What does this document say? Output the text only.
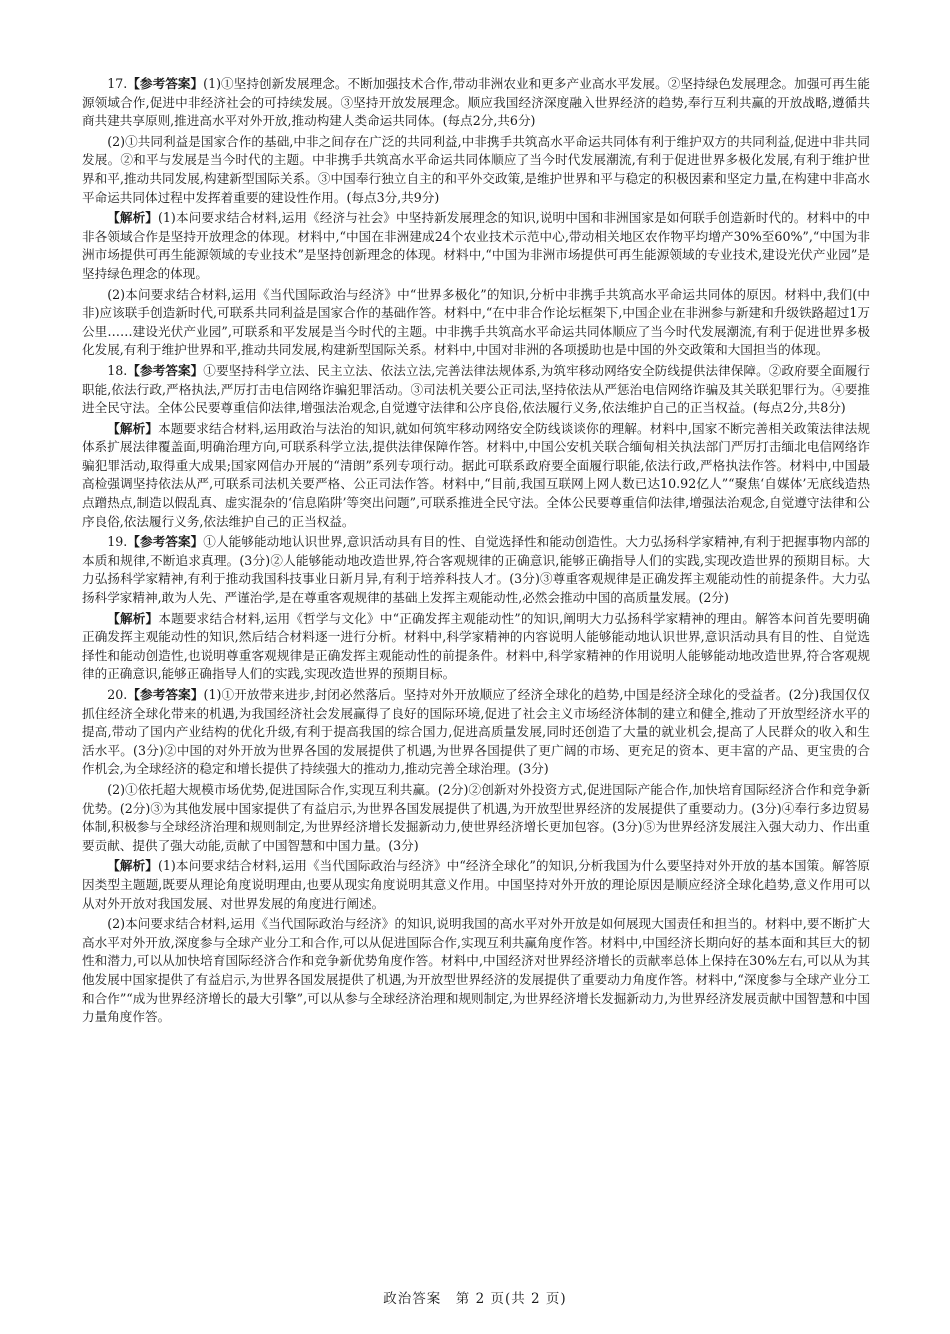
17.【参考答案】(1)①坚持创新发展理念。不断加强技术合作,带动非洲农业和更多产业高水平发展。②坚持绿色发展理念。加强可再生能源领域合作,促进中非经济社会的可持续发展。③坚持开放发展理念。顺应我国经济深度融入世界经济的趋势,奉行互利共赢的开放战略,遵循共商共建共享原则,推进高水平对外开放,推动构建人类命运共同体。(每点2分,共6分)

(2)①共同利益是国家合作的基础,中非之间存在广泛的共同利益,中非携手共筑高水平命运共同体有利于维护双方的共同利益,促进中非共同发展。②和平与发展是当今时代的主题。中非携手共筑高水平命运共同体顺应了当今时代发展潮流,有利于促进世界多极化发展,有利于维护世界和平,推动共同发展,构建新型国际关系。③中国奉行独立自主的和平外交政策,是维护世界和平与稳定的积极因素和坚定力量,在构建中非高水平命运共同体过程中发挥着重要的建设性作用。(每点3分,共9分)

【解析】(1)本问要求结合材料,运用《经济与社会》中坚持新发展理念的知识,说明中国和非洲国家是如何联手创造新时代的。材料中的中非各领域合作是坚持开放理念的体现。材料中,“中国在非洲建成24个农业技术示范中心,带动相关地区农作物平均增产30%至60%”,“中国为非洲市场提供可再生能源领域的专业技术”是坚持创新理念的体现。材料中,“中国为非洲市场提供可再生能源领域的专业技术,建设光伏产业园”是坚持绿色理念的体现。

(2)本问要求结合材料,运用《当代国际政治与经济》中“世界多极化”的知识,分析中非携手共筑高水平命运共同体的原因。材料中,我们(中非)应该联手创造新时代,可联系共同利益是国家合作的基础作答。材料中,“在中非合作论坛框架下,中国企业在非洲参与新建和升级铁路超过1万公里……建设光伏产业园”,可联系和平发展是当今时代的主题。中非携手共筑高水平命运共同体顺应了当今时代发展潮流,有利于促进世界多极化发展,有利于维护世界和平,推动共同发展,构建新型国际关系。材料中,中国对非洲的各项援助也是中国的外交政策和大国担当的体现。

18.【参考答案】①要坚持科学立法、民主立法、依法立法,完善法律法规体系,为筑牢移动网络安全防线提供法律保障。②政府要全面履行职能,依法行政,严格执法,严厉打击电信网络诈骗犯罪活动。③司法机关要公正司法,坚持依法从严惩治电信网络诈骗及其关联犯罪行为。④要推进全民守法。全体公民要尊重信仰法律,增强法治观念,自觉遵守法律和公序良俗,依法履行义务,依法维护自己的正当权益。(每点2分,共8分)

【解析】本题要求结合材料,运用政治与法治的知识,就如何筑牢移动网络安全防线谈谈你的理解。材料中,国家不断完善相关政策法律法规体系扩展法律覆盖面,明确治理方向,可联系科学立法,提供法律保障作答。材料中,中国公安机关联合缅甸相关执法部门严厉打击缅北电信网络诈骗犯罪活动,取得重大成果;国家网信办开展的“清朗”系列专项行动。据此可联系政府要全面履行职能,依法行政,严格执法作答。材料中,中国最高检强调坚持依法从严,可联系司法机关要严格、公正司法作答。材料中,“目前,我国互联网上网人数已达10.92亿人”“聚焦‘自媒体’无底线造热点蹭热点,制造以假乱真、虚实混杂的‘信息陷阱’等突出问题”,可联系推进全民守法。全体公民要尊重信仰法律,增强法治观念,自觉遵守法律和公序良俗,依法履行义务,依法维护自己的正当权益。

19.【参考答案】①人能够能动地认识世界,意识活动具有目的性、自觉选择性和能动创造性。大力弘扬科学家精神,有利于把握事物内部的本质和规律,不断追求真理。(3分)②人能够能动地改造世界,符合客观规律的正确意识,能够正确指导人们的实践,实现改造世界的预期目标。大力弘扬科学家精神,有利于推动我国科技事业日新月异,有利于培养科技人才。(3分)③尊重客观规律是正确发挥主观能动性的前提条件。大力弘扬科学家精神,敢为人先、严谨治学,是在尊重客观规律的基础上发挥主观能动性,必然会推动中国的高质量发展。(2分)

【解析】本题要求结合材料,运用《哲学与文化》中“正确发挥主观能动性”的知识,阐明大力弘扬科学家精神的理由。解答本问首先要明确正确发挥主观能动性的知识,然后结合材料逐一进行分析。材料中,科学家精神的内容说明人能够能动地认识世界,意识活动具有目的性、自觉选择性和能动创造性,也说明尊重客观规律是正确发挥主观能动性的前提条件。材料中,科学家精神的作用说明人能够能动地改造世界,符合客观规律的正确意识,能够正确指导人们的实践,实现改造世界的预期目标。

20.【参考答案】(1)①开放带来进步,封闭必然落后。坚持对外开放顺应了经济全球化的趋势,中国是经济全球化的受益者。(2分)我国仅仅抓住经济全球化带来的机遇,为我国经济社会发展赢得了良好的国际环境,促进了社会主义市场经济体制的建立和健全,推动了开放型经济水平的提高,带动了国内产业结构的优化升级,有利于提高我国的综合国力,促进高质量发展,同时还创造了大量的就业机会,提高了人民群众的收入和生活水平。(3分)②中国的对外开放为世界各国的发展提供了机遇,为世界各国提供了更广阔的市场、更充足的资本、更丰富的产品、更宝贵的合作机会,为全球经济的稳定和增长提供了持续强大的推动力,推动完善全球治理。(3分)

(2)①依托超大规模市场优势,促进国际合作,实现互利共赢。(2分)②创新对外投资方式,促进国际产能合作,加快培育国际经济合作和竞争新优势。(2分)③为其他发展中国家提供了有益启示,为世界各国发展提供了机遇,为开放型世界经济的发展提供了重要动力。(3分)④奉行多边贸易体制,积极参与全球经济治理和规则制定,为世界经济增长发掘新动力,使世界经济增长更加包容。(3分)⑤为世界经济发展注入强大动力、作出重要贡献、提供了强大动能,贡献了中国智慧和中国力量。(3分)

【解析】(1)本问要求结合材料,运用《当代国际政治与经济》中“经济全球化”的知识,分析我国为什么要坚持对外开放的基本国策。解答原因类型主题题,既要从理论角度说明理由,也要从现实角度说明其意义作用。中国坚持对外开放的理论原因是顺应经济全球化趋势,意义作用可以从对外开放对我国发展、对世界发展的角度进行阐述。

(2)本问要求结合材料,运用《当代国际政治与经济》的知识,说明我国的高水平对外开放是如何展现大国责任和担当的。材料中,要不断扩大高水平对外开放,深度参与全球产业分工和合作,可以从促进国际合作,实现互利共赢角度作答。材料中,中国经济长期向好的基本面和其巨大的韧性和潜力,可以从加快培育国际经济合作和竞争新优势角度作答。材料中,中国经济对世界经济增长的贡献率总体上保持在30%左右,可以从为其他发展中国家提供了有益启示,为世界各国发展提供了机遇,为开放型世界经济的发展提供了重要动力角度作答。材料中,“深度参与全球产业分工和合作”“成为世界经济增长的最大引擎”,可以从参与全球经济治理和规则制定,为世界经济增长发掘新动力,为世界经济发展贡献中国智慧和中国力量角度作答。

政治答案　第 2 页(共 2 页)
